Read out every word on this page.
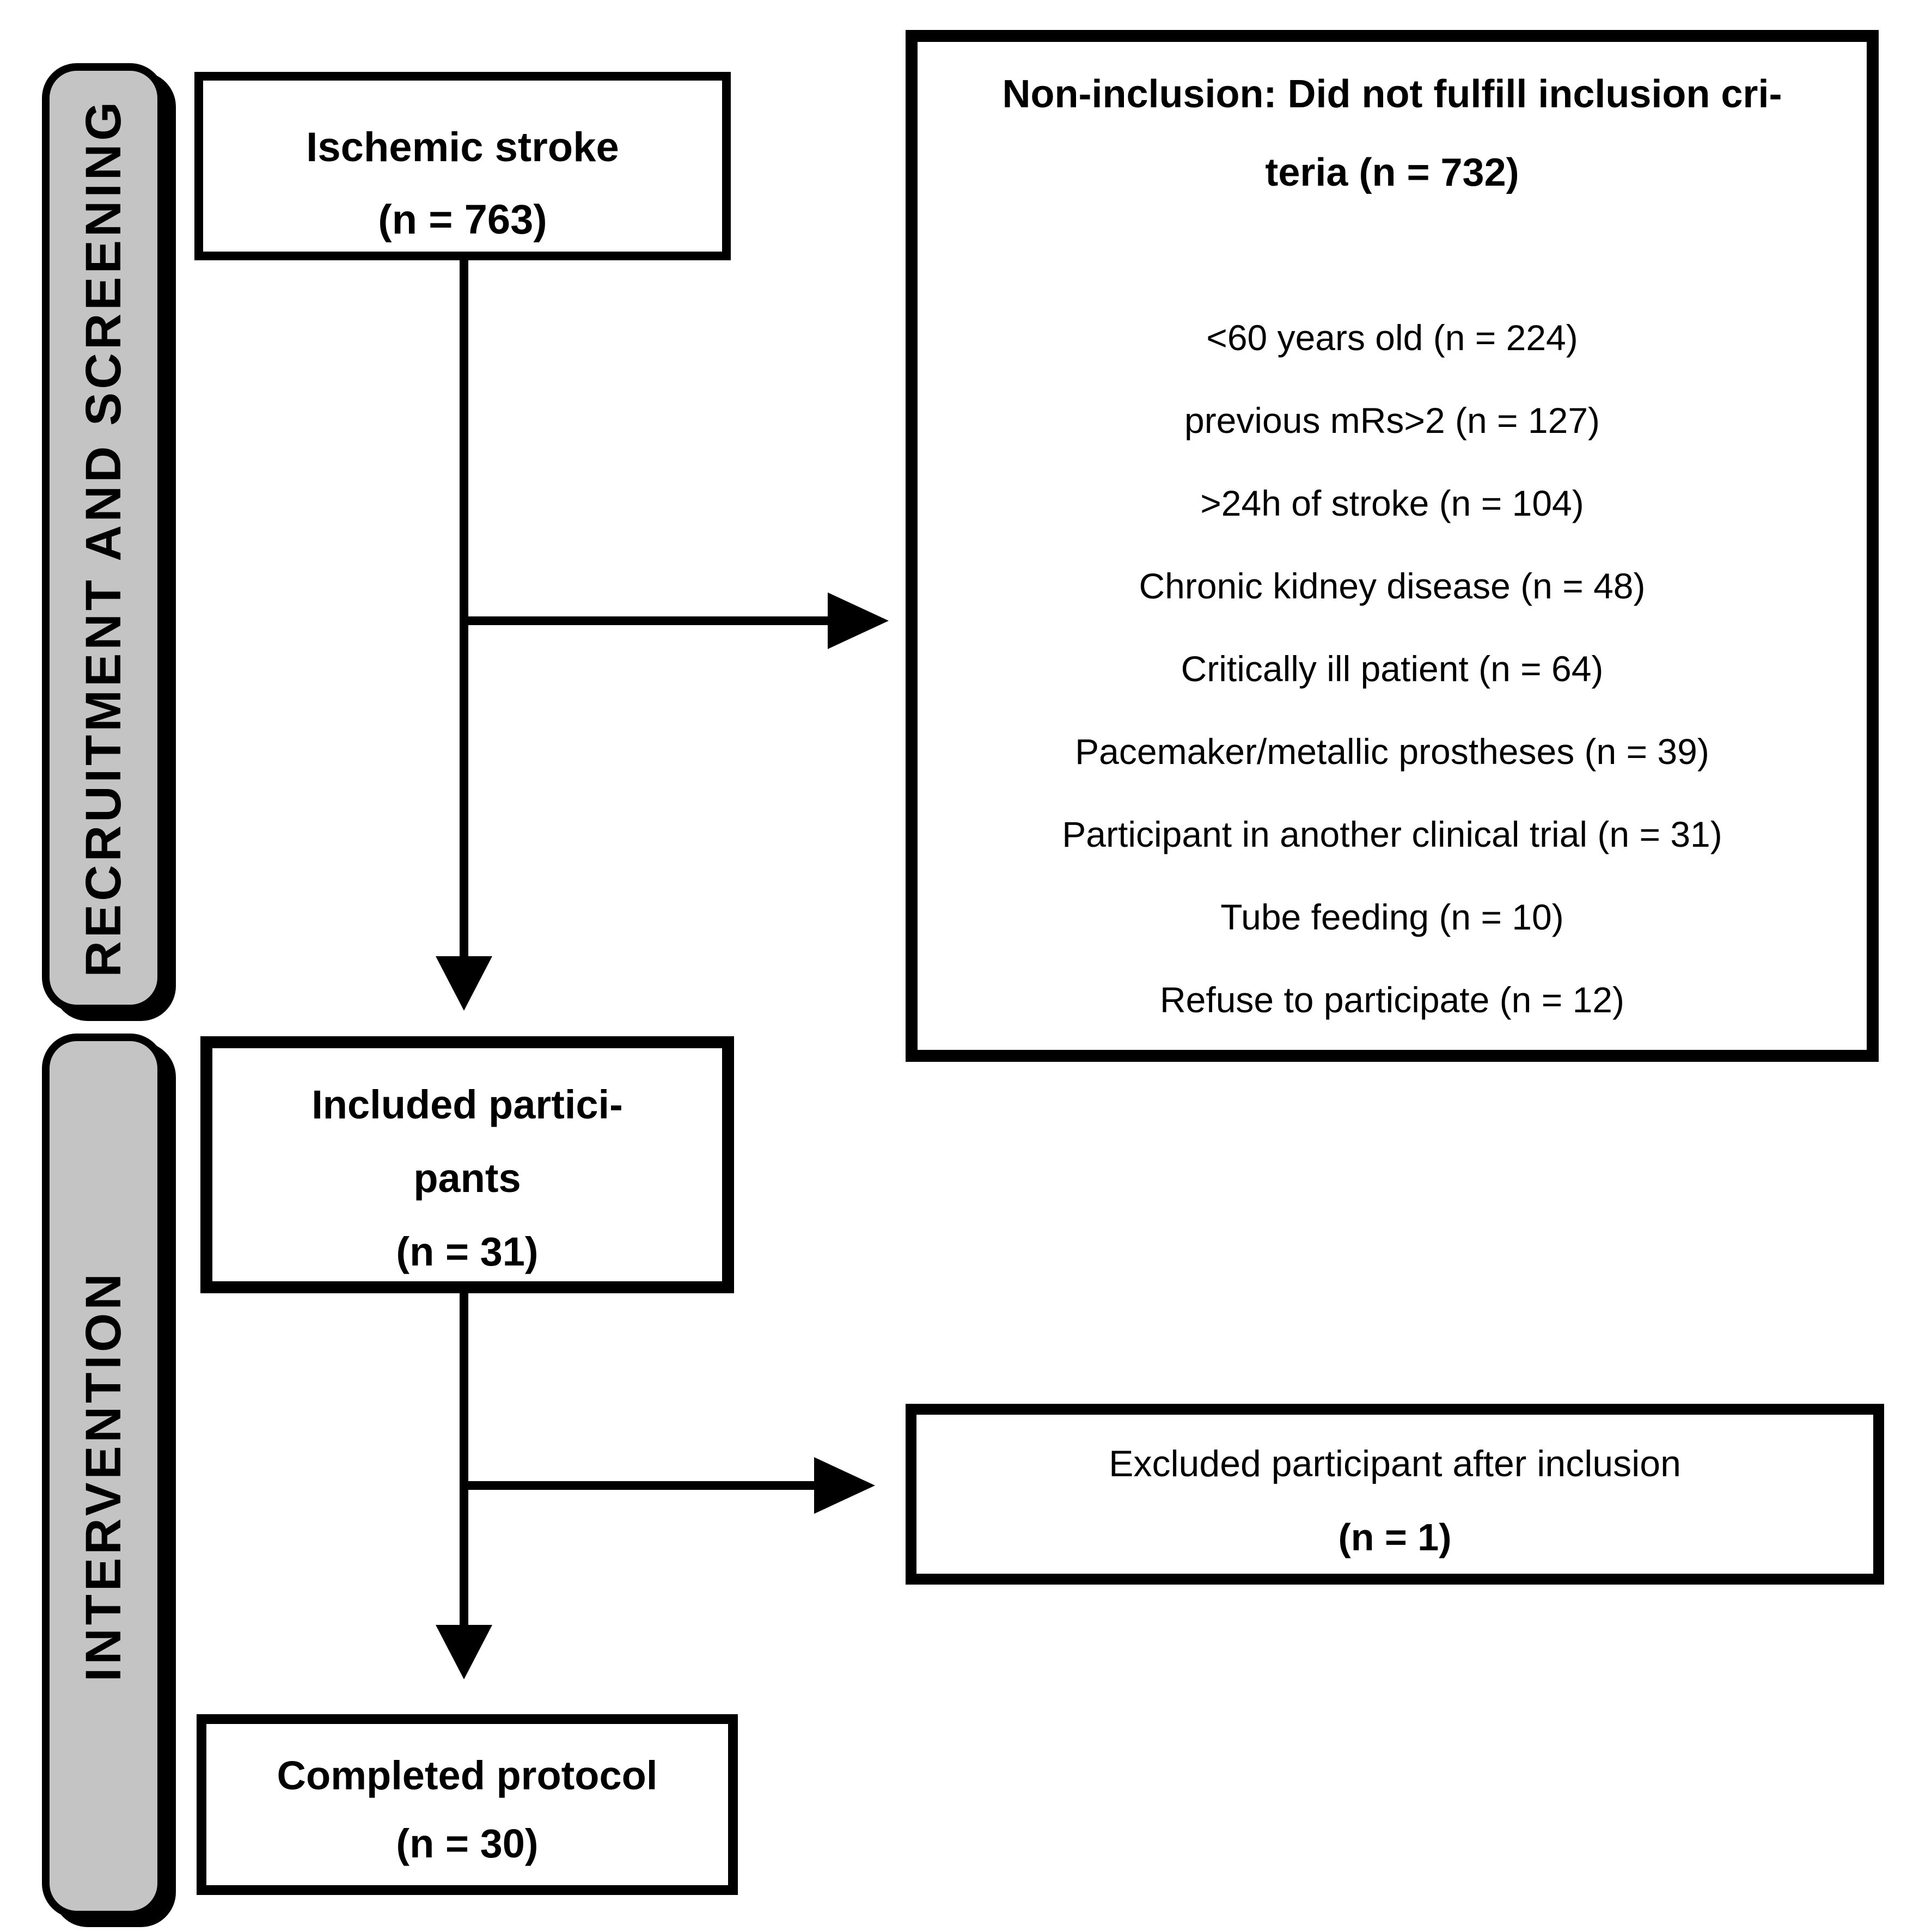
RECRUITMENT AND SCREENING
INTERVENTION
Ischemic stroke
(n = 763)
Non-inclusion: Did not fulfill inclusion cri-
teria (n = 732)
<60 years old (n = 224)
previous mRs>2 (n = 127)
>24h of stroke (n = 104)
Chronic kidney disease (n = 48)
Critically ill patient (n = 64)
Pacemaker/metallic prostheses (n = 39)
Participant in another clinical trial (n = 31)
Tube feeding (n = 10)
Refuse to participate (n = 12)
Included partici-
pants
(n = 31)
Excluded participant after inclusion
(n = 1)
Completed protocol
(n = 30)
